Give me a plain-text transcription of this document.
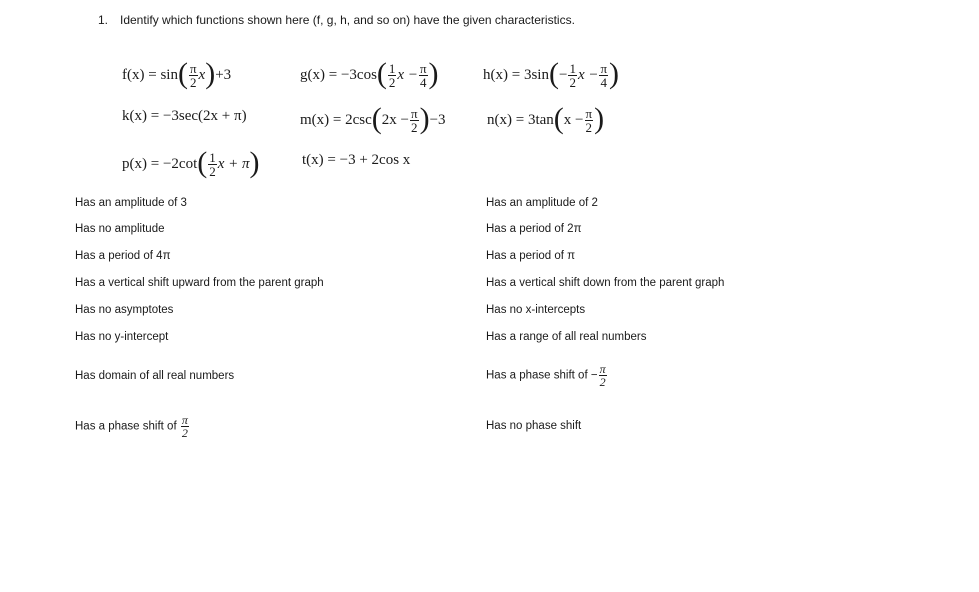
1. Identify which functions shown here (f, g, h, and so on) have the given characteristics.
$f(x) = \sin( \frac{\pi}{2} x)+3$	$g(x) = -3\cos( \frac{1}{2}$ $x - \frac{\pi}{4}$ )	$h(x) = 3\sin(- \frac{1}{2}$ $x - \frac{\pi}{4}$ )
k(x) = −3sec(2x + π)	$m(x) = 2\csc(2x - \frac{\pi}{2} )-3$	$n(x) = 3\tan(x - \frac{\pi}{2}$ )
$p(x) = -2\cot( \frac{1}{2}$ x + π)	t(x) = −3 + 2cos x
Has an amplitude of 3
Has no amplitude
Has a period of 4π
Has a vertical shift upward from the parent graph
Has no asymptotes
Has no y-intercept
Has domain of all real numbers
Has a phase shift of $\frac{\pi}{2}$
Has an amplitude of 2
Has a period of 2π
Has a period of π
Has a vertical shift down from the parent graph
Has no x-intercepts
Has a range of all real numbers
Has a phase shift of − $\frac{\pi}{2}$
Has no phase shift
